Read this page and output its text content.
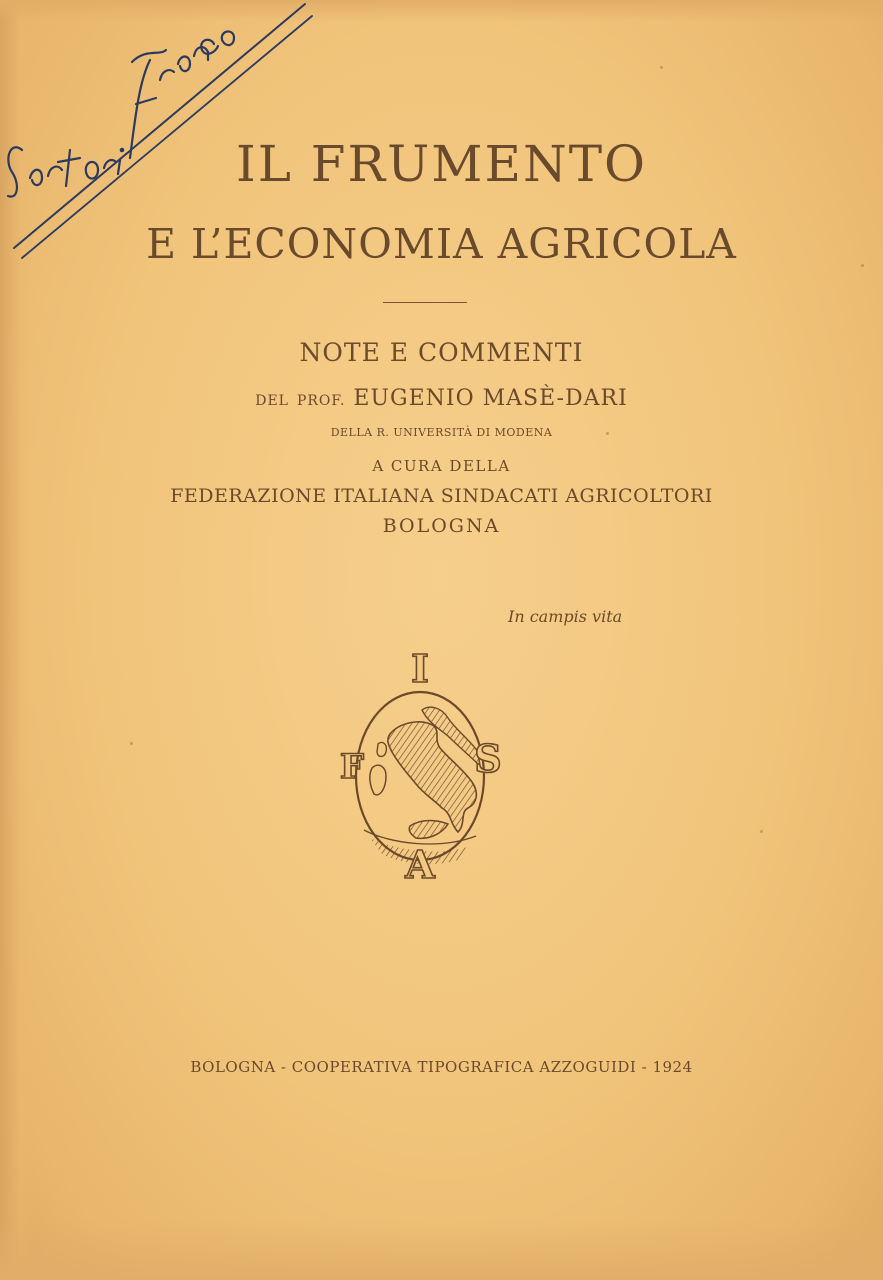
IL FRUMENTO
E L’ECONOMIA AGRICOLA
NOTE E COMMENTI
DEL PROF. EUGENIO MASÈ-DARI
DELLA R. UNIVERSITÀ DI MODENA
A CURA DELLA
FEDERAZIONE ITALIANA SINDACATI AGRICOLTORI
BOLOGNA
In campis vita
I
F	S
A
BOLOGNA - COOPERATIVA TIPOGRAFICA AZZOGUIDI - 1924
